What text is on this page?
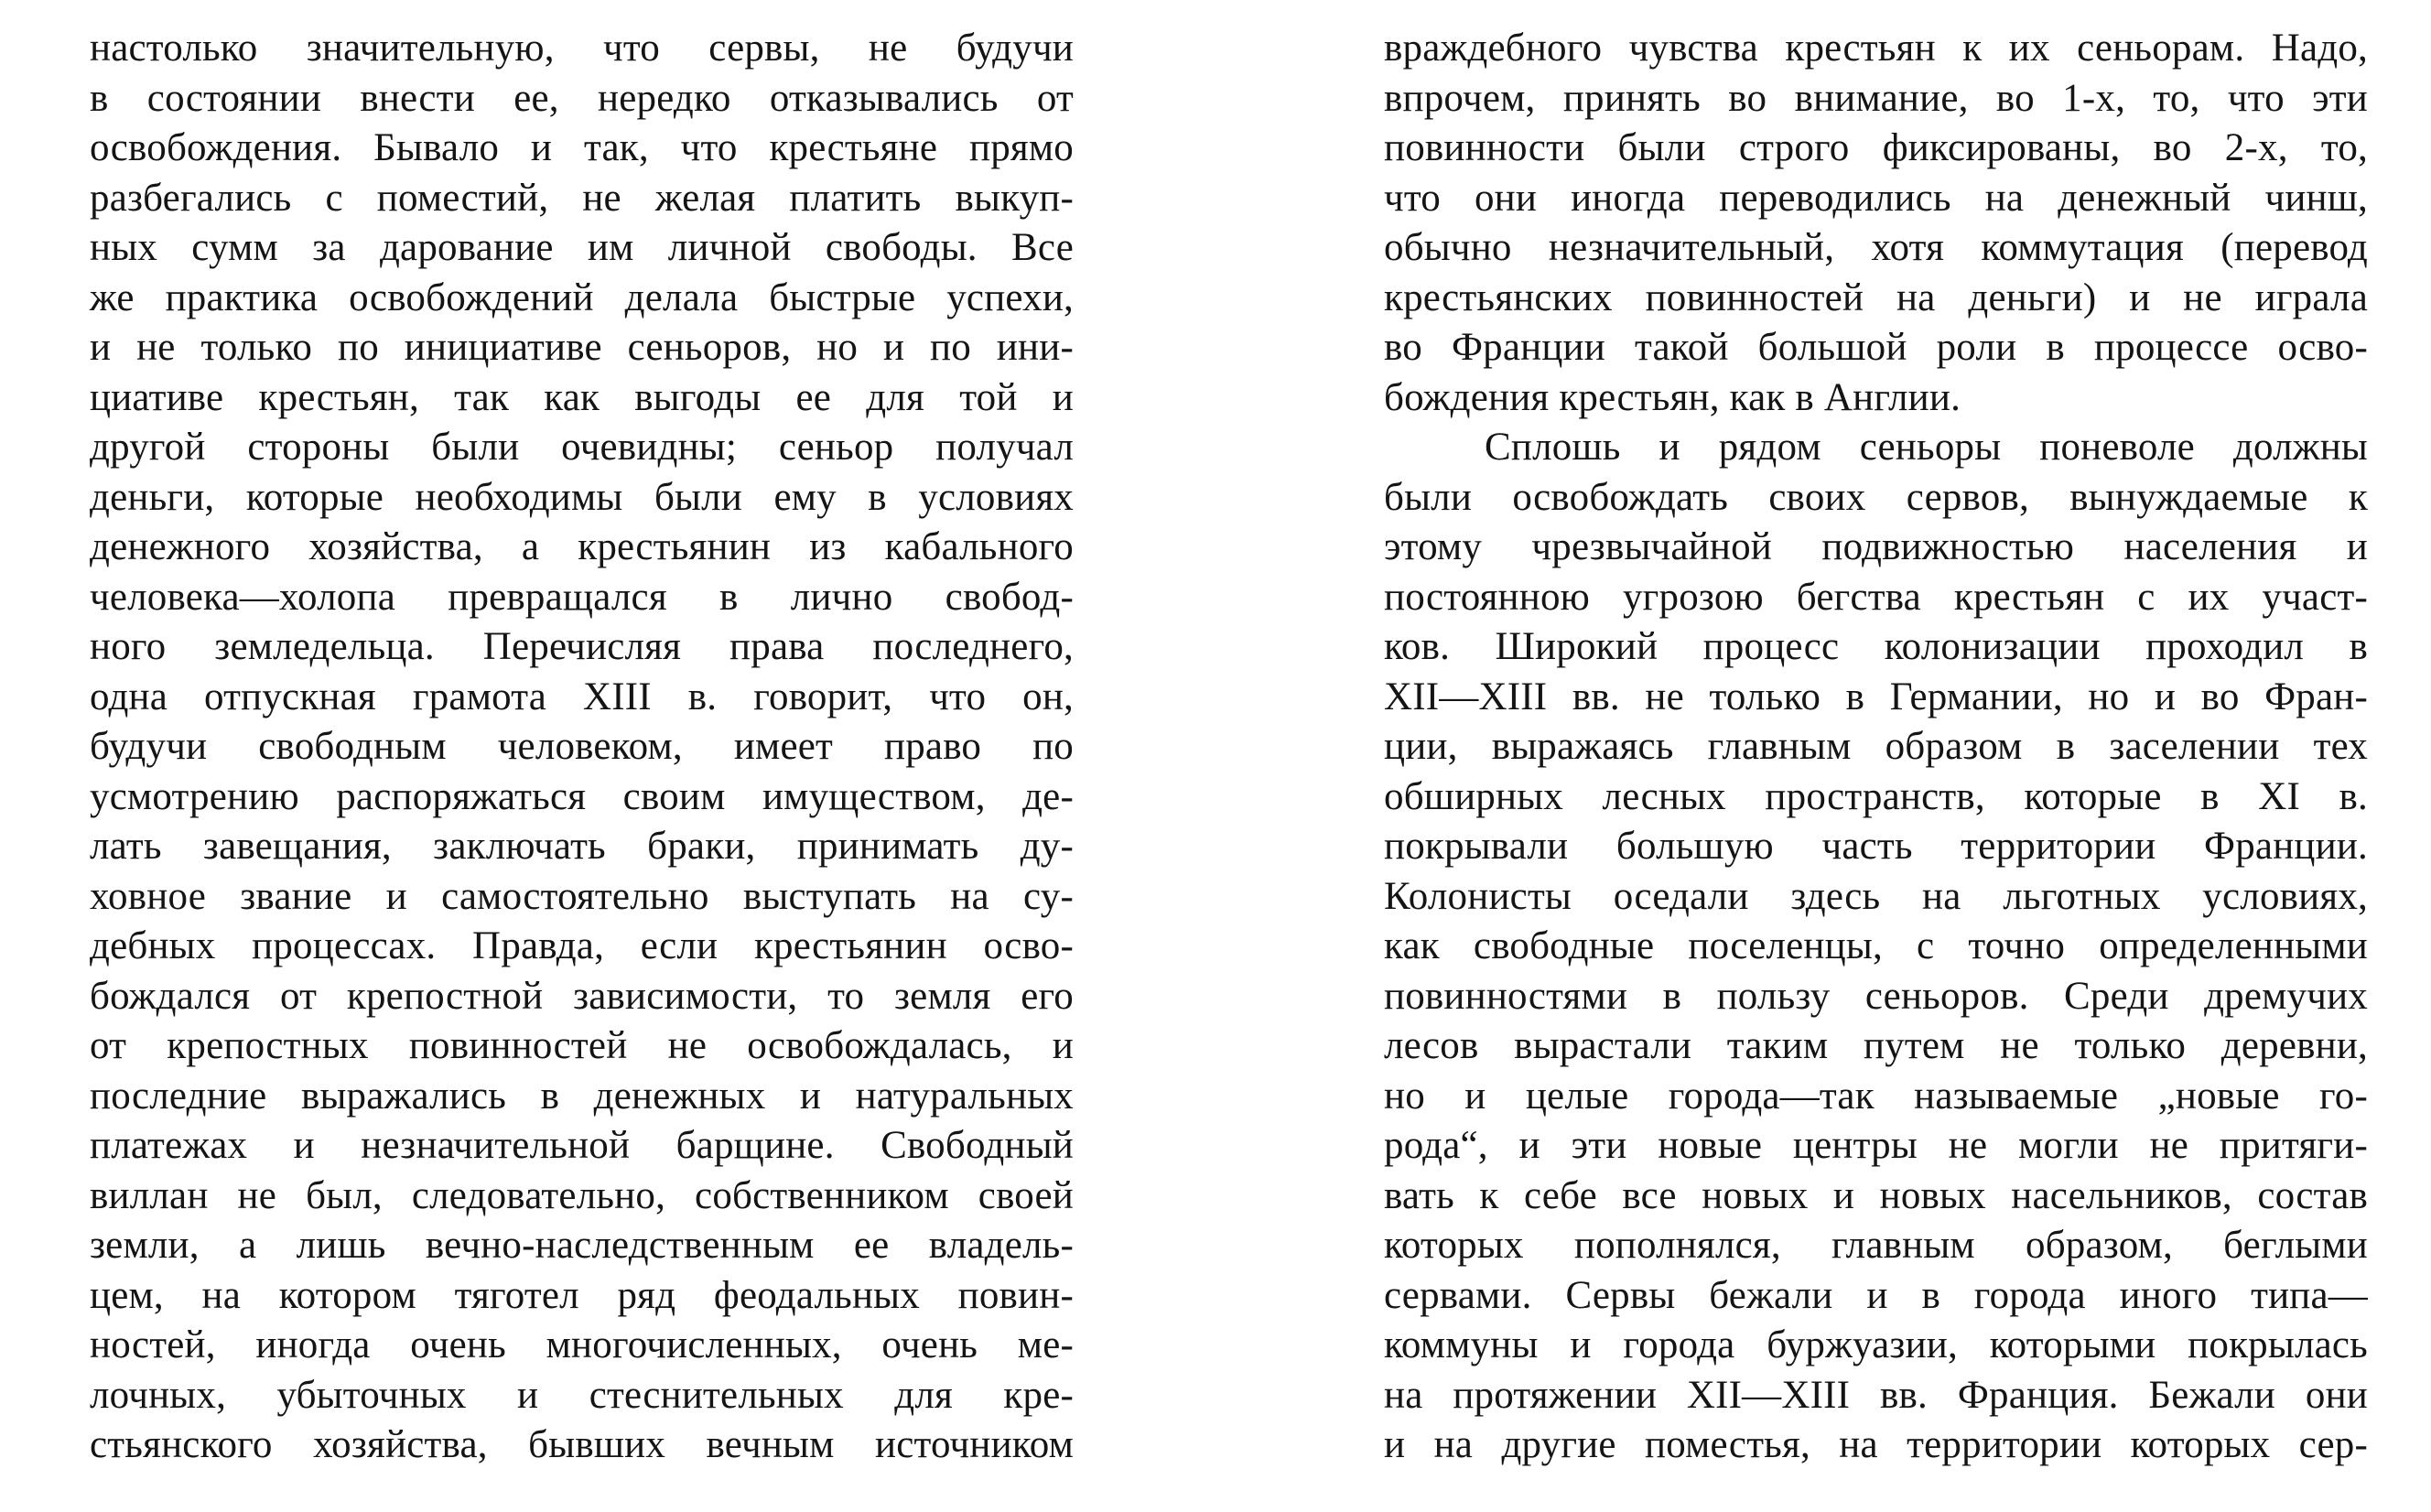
настолько значительную, что сервы, не будучи
в состоянии внести ее, нередко отказывались от
освобождения. Бывало и так, что крестьяне прямо
разбегались с поместий, не желая платить выкуп-
ных сумм за дарование им личной свободы. Все
же практика освобождений делала быстрые успехи,
и не только по инициативе сеньоров, но и по ини-
циативе крестьян, так как выгоды ее для той и
другой стороны были очевидны; сеньор получал
деньги, которые необходимы были ему в условиях
денежного хозяйства, а крестьянин из кабального
человека—холопа превращался в лично свобод-
ного земледельца. Перечисляя права последнего,
одна отпускная грамота XIII в. говорит, что он,
будучи свободным человеком, имеет право по
усмотрению распоряжаться своим имуществом, де-
лать завещания, заключать браки, принимать ду-
ховное звание и самостоятельно выступать на су-
дебных процессах. Правда, если крестьянин осво-
бождался от крепостной зависимости, то земля его
от крепостных повинностей не освобождалась, и
последние выражались в денежных и натуральных
платежах и незначительной барщине. Свободный
виллан не был, следовательно, собственником своей
земли, а лишь вечно-наследственным ее владель-
цем, на котором тяготел ряд феодальных повин-
ностей, иногда очень многочисленных, очень ме-
лочных, убыточных и стеснительных для кре-
стьянского хозяйства, бывших вечным источником
враждебного чувства крестьян к их сеньорам. Надо,
впрочем, принять во внимание, во 1-х, то, что эти
повинности были строго фиксированы, во 2-х, то,
что они иногда переводились на денежный чинш,
обычно незначительный, хотя коммутация (перевод
крестьянских повинностей на деньги) и не играла
во Франции такой большой роли в процессе осво-
бождения крестьян, как в Англии.
Сплошь и рядом сеньоры поневоле должны
были освобождать своих сервов, вынуждаемые к
этому чрезвычайной подвижностью населения и
постоянною угрозою бегства крестьян с их участ-
ков. Широкий процесс колонизации проходил в
XII—XIII вв. не только в Германии, но и во Фран-
ции, выражаясь главным образом в заселении тех
обширных лесных пространств, которые в XI в.
покрывали большую часть территории Франции.
Колонисты оседали здесь на льготных условиях,
как свободные поселенцы, с точно определенными
повинностями в пользу сеньоров. Среди дремучих
лесов вырастали таким путем не только деревни,
но и целые города—так называемые „новые го-
рода“, и эти новые центры не могли не притяги-
вать к себе все новых и новых насельников, состав
которых пополнялся, главным образом, беглыми
сервами. Сервы бежали и в города иного типа—
коммуны и города буржуазии, которыми покрылась
на протяжении XII—XIII вв. Франция. Бежали они
и на другие поместья, на территории которых сер-
